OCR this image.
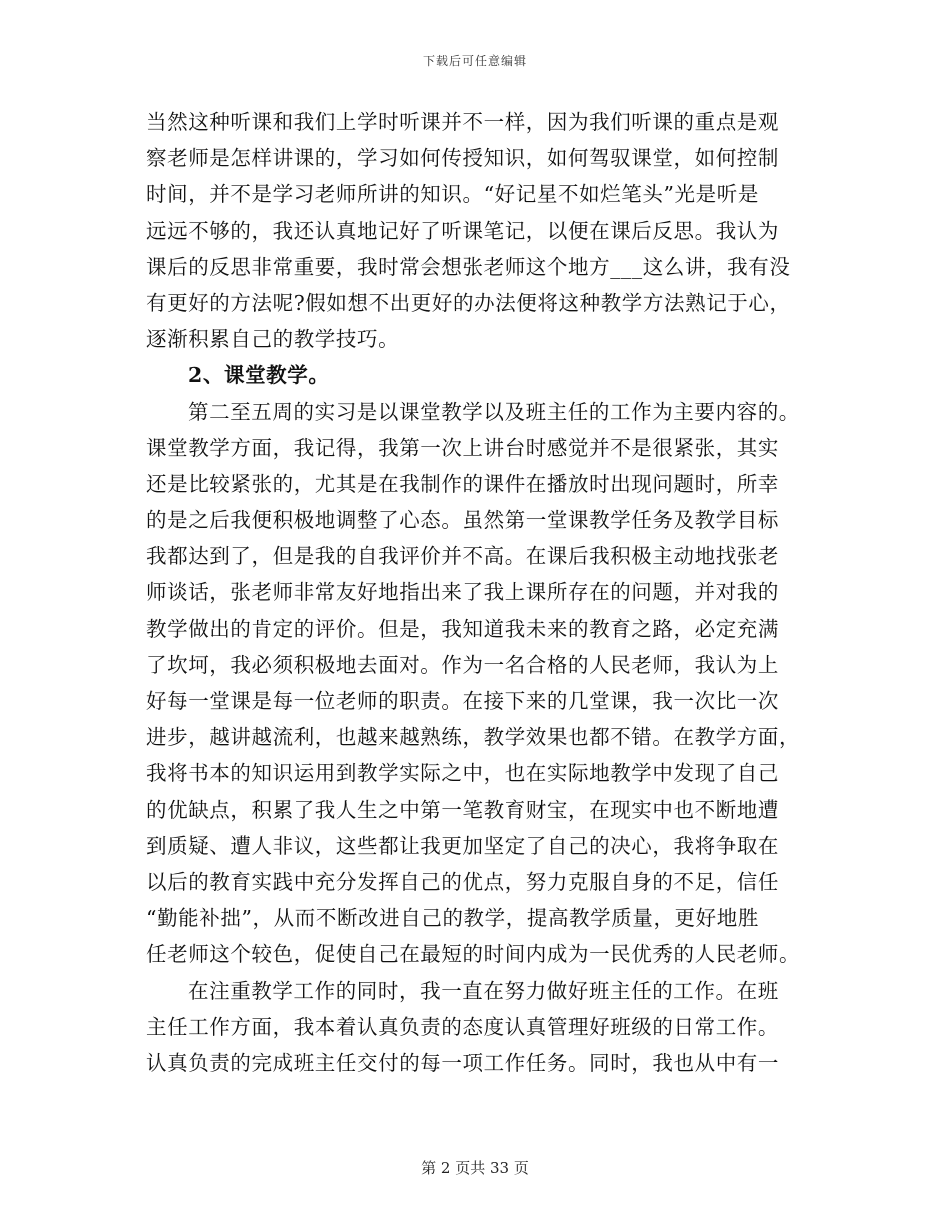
下载后可任意编辑
当然这种听课和我们上学时听课并不一样，因为我们听课的重点是观
察老师是怎样讲课的，学习如何传授知识，如何驾驭课堂，如何控制
时间，并不是学习老师所讲的知识。“好记星不如烂笔头”光是听是
远远不够的，我还认真地记好了听课笔记，以便在课后反思。我认为
课后的反思非常重要，我时常会想张老师这个地方___这么讲，我有没
有更好的方法呢?假如想不出更好的办法便将这种教学方法熟记于心，
逐渐积累自己的教学技巧。
2、课堂教学。
第二至五周的实习是以课堂教学以及班主任的工作为主要内容的。
课堂教学方面，我记得，我第一次上讲台时感觉并不是很紧张，其实
还是比较紧张的，尤其是在我制作的课件在播放时出现问题时，所幸
的是之后我便积极地调整了心态。虽然第一堂课教学任务及教学目标
我都达到了，但是我的自我评价并不高。在课后我积极主动地找张老
师谈话，张老师非常友好地指出来了我上课所存在的问题，并对我的
教学做出的肯定的评价。但是，我知道我未来的教育之路，必定充满
了坎坷，我必须积极地去面对。作为一名合格的人民老师，我认为上
好每一堂课是每一位老师的职责。在接下来的几堂课，我一次比一次
进步，越讲越流利，也越来越熟练，教学效果也都不错。在教学方面，
我将书本的知识运用到教学实际之中，也在实际地教学中发现了自己
的优缺点，积累了我人生之中第一笔教育财宝，在现实中也不断地遭
到质疑、遭人非议，这些都让我更加坚定了自己的决心，我将争取在
以后的教育实践中充分发挥自己的优点，努力克服自身的不足，信任
“勤能补拙”，从而不断改进自己的教学，提高教学质量，更好地胜
任老师这个较色，促使自己在最短的时间内成为一民优秀的人民老师。
在注重教学工作的同时，我一直在努力做好班主任的工作。在班
主任工作方面，我本着认真负责的态度认真管理好班级的日常工作。
认真负责的完成班主任交付的每一项工作任务。同时，我也从中有一
第 2 页共 33 页
